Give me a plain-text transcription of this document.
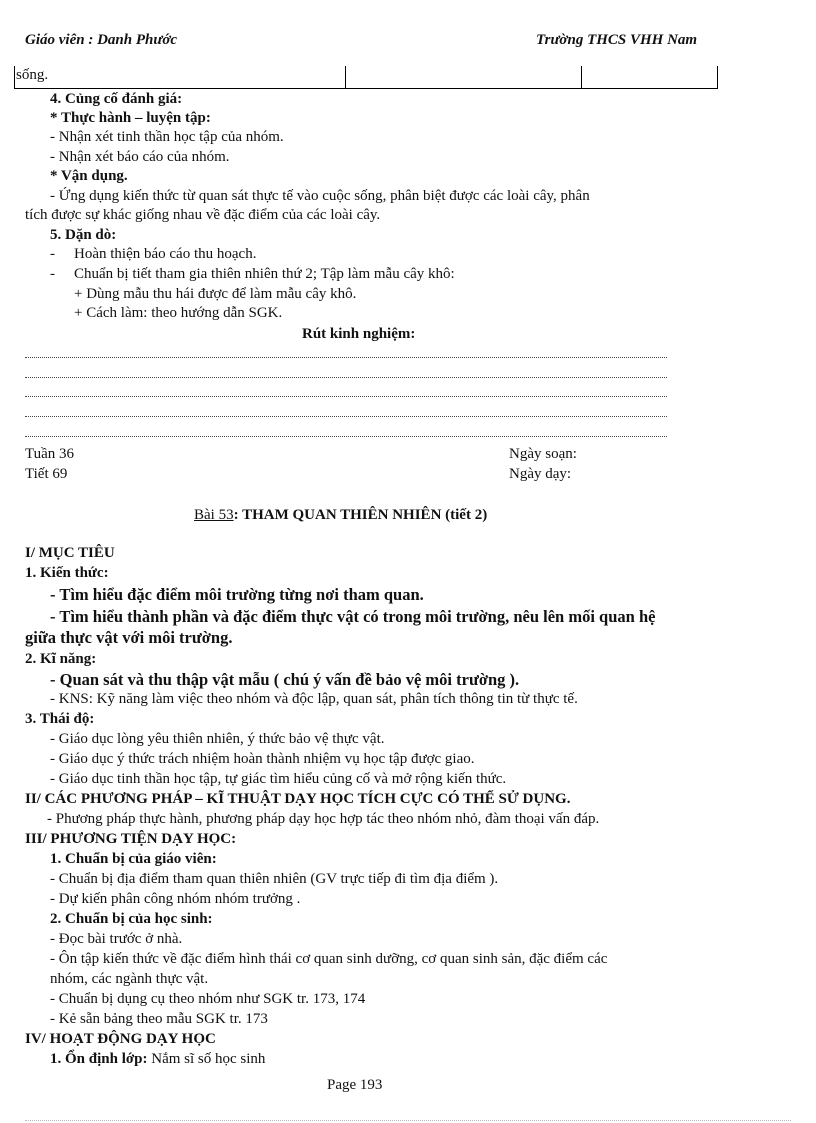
Giáo viên : Danh Phước	Trường THCS VHH Nam
sống.
4. Củng cố đánh giá:
* Thực hành – luyện tập:
- Nhận xét tinh thần học tập của nhóm.
- Nhận xét báo cáo của nhóm.
* Vận dụng.
- Ứng dụng kiến thức từ quan sát thực tế vào cuộc sống, phân biệt được các loài cây, phân
tích được sự khác giống nhau về đặc điểm của các loài cây.
5. Dặn dò:
- Hoàn thiện báo cáo thu hoạch.
- Chuẩn bị tiết tham gia thiên nhiên thứ 2; Tập làm mẫu cây khô:
+ Dùng mẫu thu hái được để làm mẫu cây khô.
+ Cách làm: theo hướng dẫn SGK.
Rút kinh nghiệm:
Tuần 36
Tiết 69
Ngày soạn:
Ngày dạy:
Bài 53: THAM QUAN THIÊN NHIÊN (tiết 2)
I/ MỤC TIÊU
1. Kiến thức:
- Tìm hiểu đặc điểm môi trường từng nơi tham quan.
- Tìm hiểu thành phần và đặc điểm thực vật có trong môi trường, nêu lên mối quan hệ
giữa thực vật với môi trường.
2. Kĩ năng:
- Quan sát và thu thập vật mẫu ( chú ý vấn đề bảo vệ môi trường ).
- KNS: Kỹ năng làm việc theo nhóm và độc lập, quan sát, phân tích thông tin từ thực tế.
3. Thái độ:
- Giáo dục lòng yêu thiên nhiên, ý thức bảo vệ thực vật.
- Giáo dục ý thức trách nhiệm hoàn thành nhiệm vụ học tập được giao.
- Giáo dục tinh thần học tập, tự giác tìm hiểu củng cố và mở rộng kiến thức.
II/ CÁC PHƯƠNG PHÁP – KĨ THUẬT DẠY HỌC TÍCH CỰC CÓ THỂ SỬ DỤNG.
- Phương pháp thực hành, phương pháp dạy học hợp tác theo nhóm nhỏ, đàm thoại vấn đáp.
III/ PHƯƠNG TIỆN DẠY HỌC:
1. Chuẩn bị của giáo viên:
- Chuẩn bị địa điểm tham quan thiên nhiên (GV trực tiếp đi tìm địa điểm ).
- Dự kiến phân công nhóm nhóm trưởng .
2. Chuẩn bị của học sinh:
- Đọc bài trước ở nhà.
- Ôn tập kiến thức về đặc điểm hình thái cơ quan sinh dưỡng, cơ quan sinh sản, đặc điểm các
nhóm, các ngành thực vật.
- Chuẩn bị dụng cụ theo nhóm như SGK tr. 173, 174
- Kẻ sẵn bảng theo mẫu SGK tr. 173
IV/ HOẠT ĐỘNG DẠY HỌC
1. Ổn định lớp: Nắm sĩ số học sinh
Page 193
